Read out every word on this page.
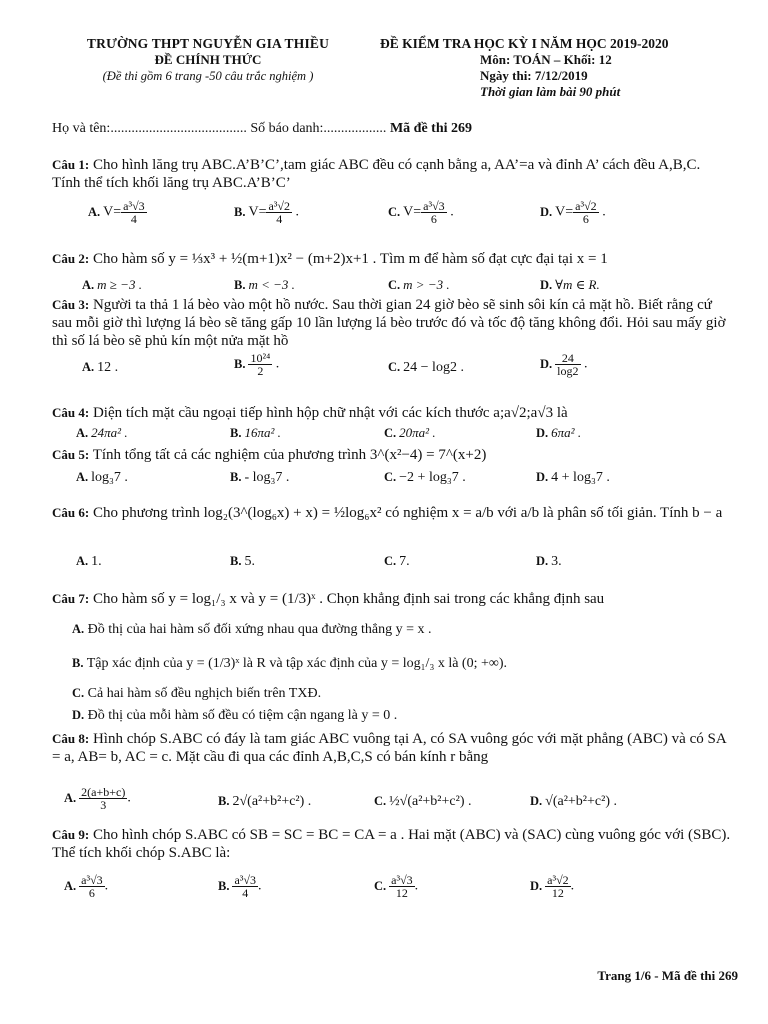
TRƯỜNG THPT NGUYỄN GIA THIỀU
ĐỀ CHÍNH THỨC
(Đề thi gồm 6 trang -50 câu trắc nghiệm )
ĐỀ KIỂM TRA HỌC KỲ I NĂM HỌC 2019-2020
Môn: TOÁN – Khối: 12
Ngày thi: 7/12/2019
Thời gian làm bài 90 phút
Họ và tên:....................................... Số báo danh:.................. Mã đề thi 269
Câu 1: Cho hình lăng trụ ABC.A’B’C’,tam giác ABC đều có cạnh bằng a, AA’=a và đỉnh A’ cách đều A,B,C. Tính thể tích khối lăng trụ ABC.A’B’C’
A. $V= \frac{\text{a³√3}}{4}$	B. $V= \frac{\text{a³√2}}{4}$ .	C. $V= \frac{\text{a³√3}}{6}$ .	D. $V= \frac{\text{a³√2}}{6}$ .
Câu 2: Cho hàm số y = ⅓x³ + ½(m+1)x² − (m+2)x+1 . Tìm m để hàm số đạt cực đại tại x = 1
A. m ≥ −3 .	B. m < −3 .	C. m > −3 .	D. ∀m ∈ R.
Câu 3: Người ta thả 1 lá bèo vào một hồ nước. Sau thời gian 24 giờ bèo sẽ sinh sôi kín cả mặt hồ. Biết rằng cứ sau mỗi giờ thì lượng lá bèo sẽ tăng gấp 10 lần lượng lá bèo trước đó và tốc độ tăng không đổi. Hỏi sau mấy giờ thì số lá bèo sẽ phủ kín một nửa mặt hồ
A. 12 .	B. $\frac{\text{10²⁴}}{2}$ .	C. 24 − log2 .	D. $\frac{24}{\log 2}$ .
Câu 4: Diện tích mặt cầu ngoại tiếp hình hộp chữ nhật với các kích thước a;a√2;a√3 là
A. 24πa² .	B. 16πa² .	C. 20πa² .	D. 6πa² .
Câu 5: Tính tổng tất cả các nghiệm của phương trình 3^(x²−4) = 7^(x+2)
A. log₃7 .	B. - log₃7 .	C. −2 + log₃7 .	D. 4 + log₃7 .
Câu 6: Cho phương trình log₂(3^(log₆x) + x) = ½log₆x² có nghiệm x = a/b với a/b là phân số tối giản. Tính b − a
A. 1.	B. 5.	C. 7.	D. 3.
Câu 7: Cho hàm số y = log₁/₃ x và y = (1/3)ˣ . Chọn khẳng định sai trong các khẳng định sau
A. Đồ thị của hai hàm số đối xứng nhau qua đường thẳng y = x .
B. Tập xác định của y = (1/3)ˣ là R và tập xác định của y = log₁/₃ x là (0; +∞).
C. Cả hai hàm số đều nghịch biến trên TXĐ.
D. Đồ thị của mỗi hàm số đều có tiệm cận ngang là y = 0 .
Câu 8: Hình chóp S.ABC có đáy là tam giác ABC vuông tại A, có SA vuông góc với mặt phẳng (ABC) và có SA = a, AB= b, AC = c. Mặt cầu đi qua các đỉnh A,B,C,S có bán kính r bằng
A. $\frac{2(a+b+c)}{3}$ .	B. 2√(a²+b²+c²) .	C. ½√(a²+b²+c²) .	D. √(a²+b²+c²) .
Câu 9: Cho hình chóp S.ABC có SB = SC = BC = CA = a . Hai mặt (ABC) và (SAC) cùng vuông góc với (SBC). Thể tích khối chóp S.ABC là:
A. $\frac{\text{a³√3}}{6}$ .	B. $\frac{\text{a³√3}}{4}$ .	C. $\frac{\text{a³√3}}{12}$ .	D. $\frac{\text{a³√2}}{12}$ .
Trang 1/6 - Mã đề thi 269
